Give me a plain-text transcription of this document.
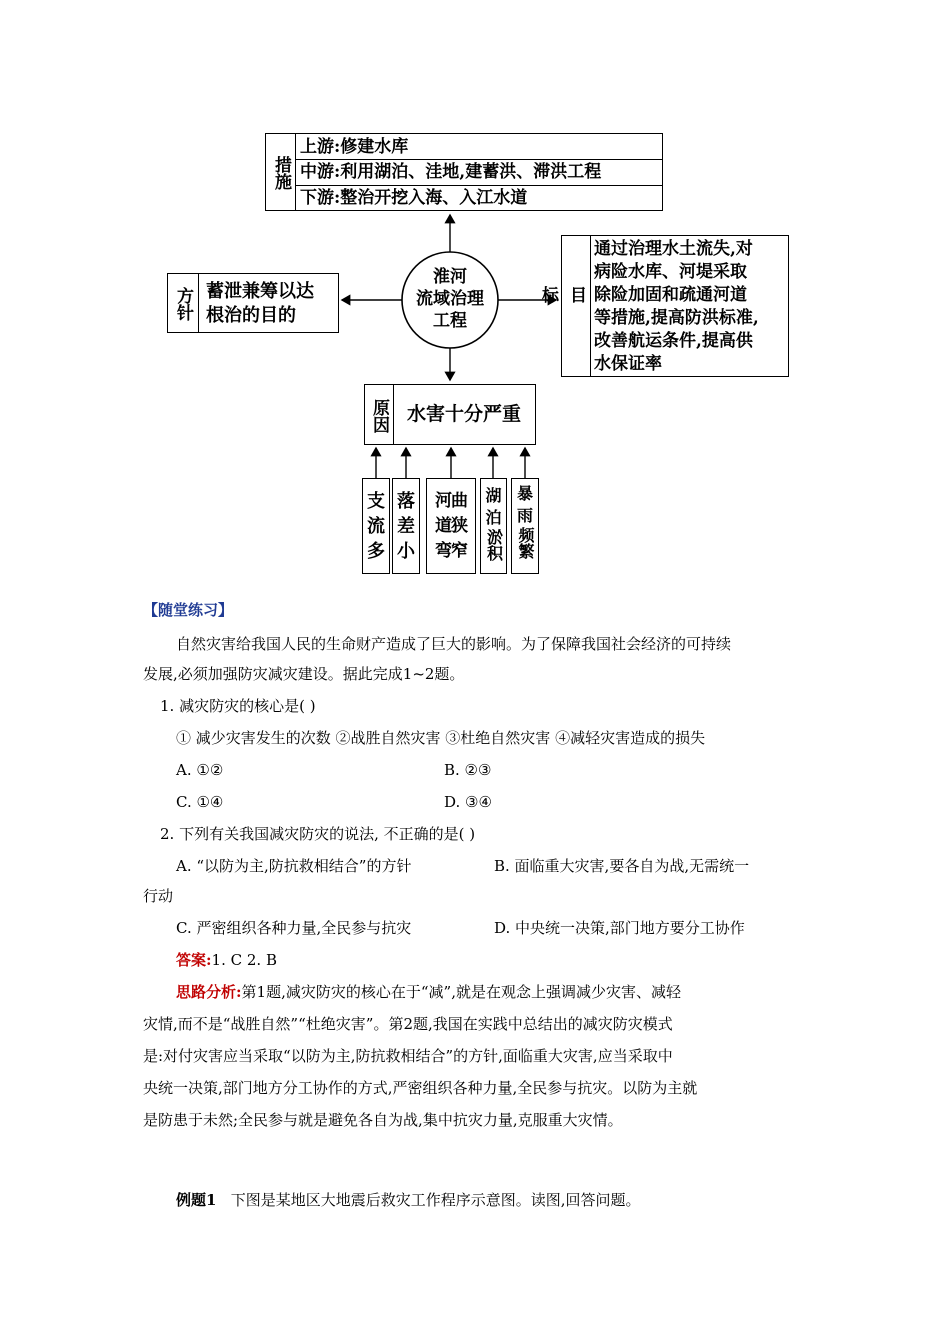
措施
上游:修建水库
中游:利用湖泊、洼地,建蓄洪、滞洪工程
下游:整治开挖入海、入江水道
淮河
流域治理
工程
方针 蓄泄兼筹以达
根治的目的	目标
通过治理水土流失,对
病险水库、河堤采取
除险加固和疏通河道
等措施,提高防洪标准,
改善航运条件,提高供
水保证率
原因 水害十分严重
支
流
多
落
差
小
河曲
道狭
弯窄
湖
泊
淤积
暴
雨
频繁
【随堂练习】
自然灾害给我国人民的生命财产造成了巨大的影响。为了保障我国社会经济的可持续
发展,必须加强防灾减灾建设。据此完成1~2题。
1. 减灾防灾的核心是( )
① 减少灾害发生的次数 ②战胜自然灾害 ③杜绝自然灾害 ④减轻灾害造成的损失
A. ①②	B. ②③
C. ①④	D. ③④
2. 下列有关我国减灾防灾的说法, 不正确的是( )
A. “以防为主,防抗救相结合”的方针	B. 面临重大灾害,要各自为战,无需统一
行动
C. 严密组织各种力量,全民参与抗灾	D. 中央统一决策,部门地方要分工协作
答案:1. C 2. B
思路分析:第1题,减灾防灾的核心在于“减”,就是在观念上强调减少灾害、减轻
灾情,而不是“战胜自然”“杜绝灾害”。第2题,我国在实践中总结出的减灾防灾模式
是:对付灾害应当采取“以防为主,防抗救相结合”的方针,面临重大灾害,应当采取中
央统一决策,部门地方分工协作的方式,严密组织各种力量,全民参与抗灾。以防为主就
是防患于未然;全民参与就是避免各自为战,集中抗灾力量,克服重大灾情。
例题1 下图是某地区大地震后救灾工作程序示意图。读图,回答问题。
